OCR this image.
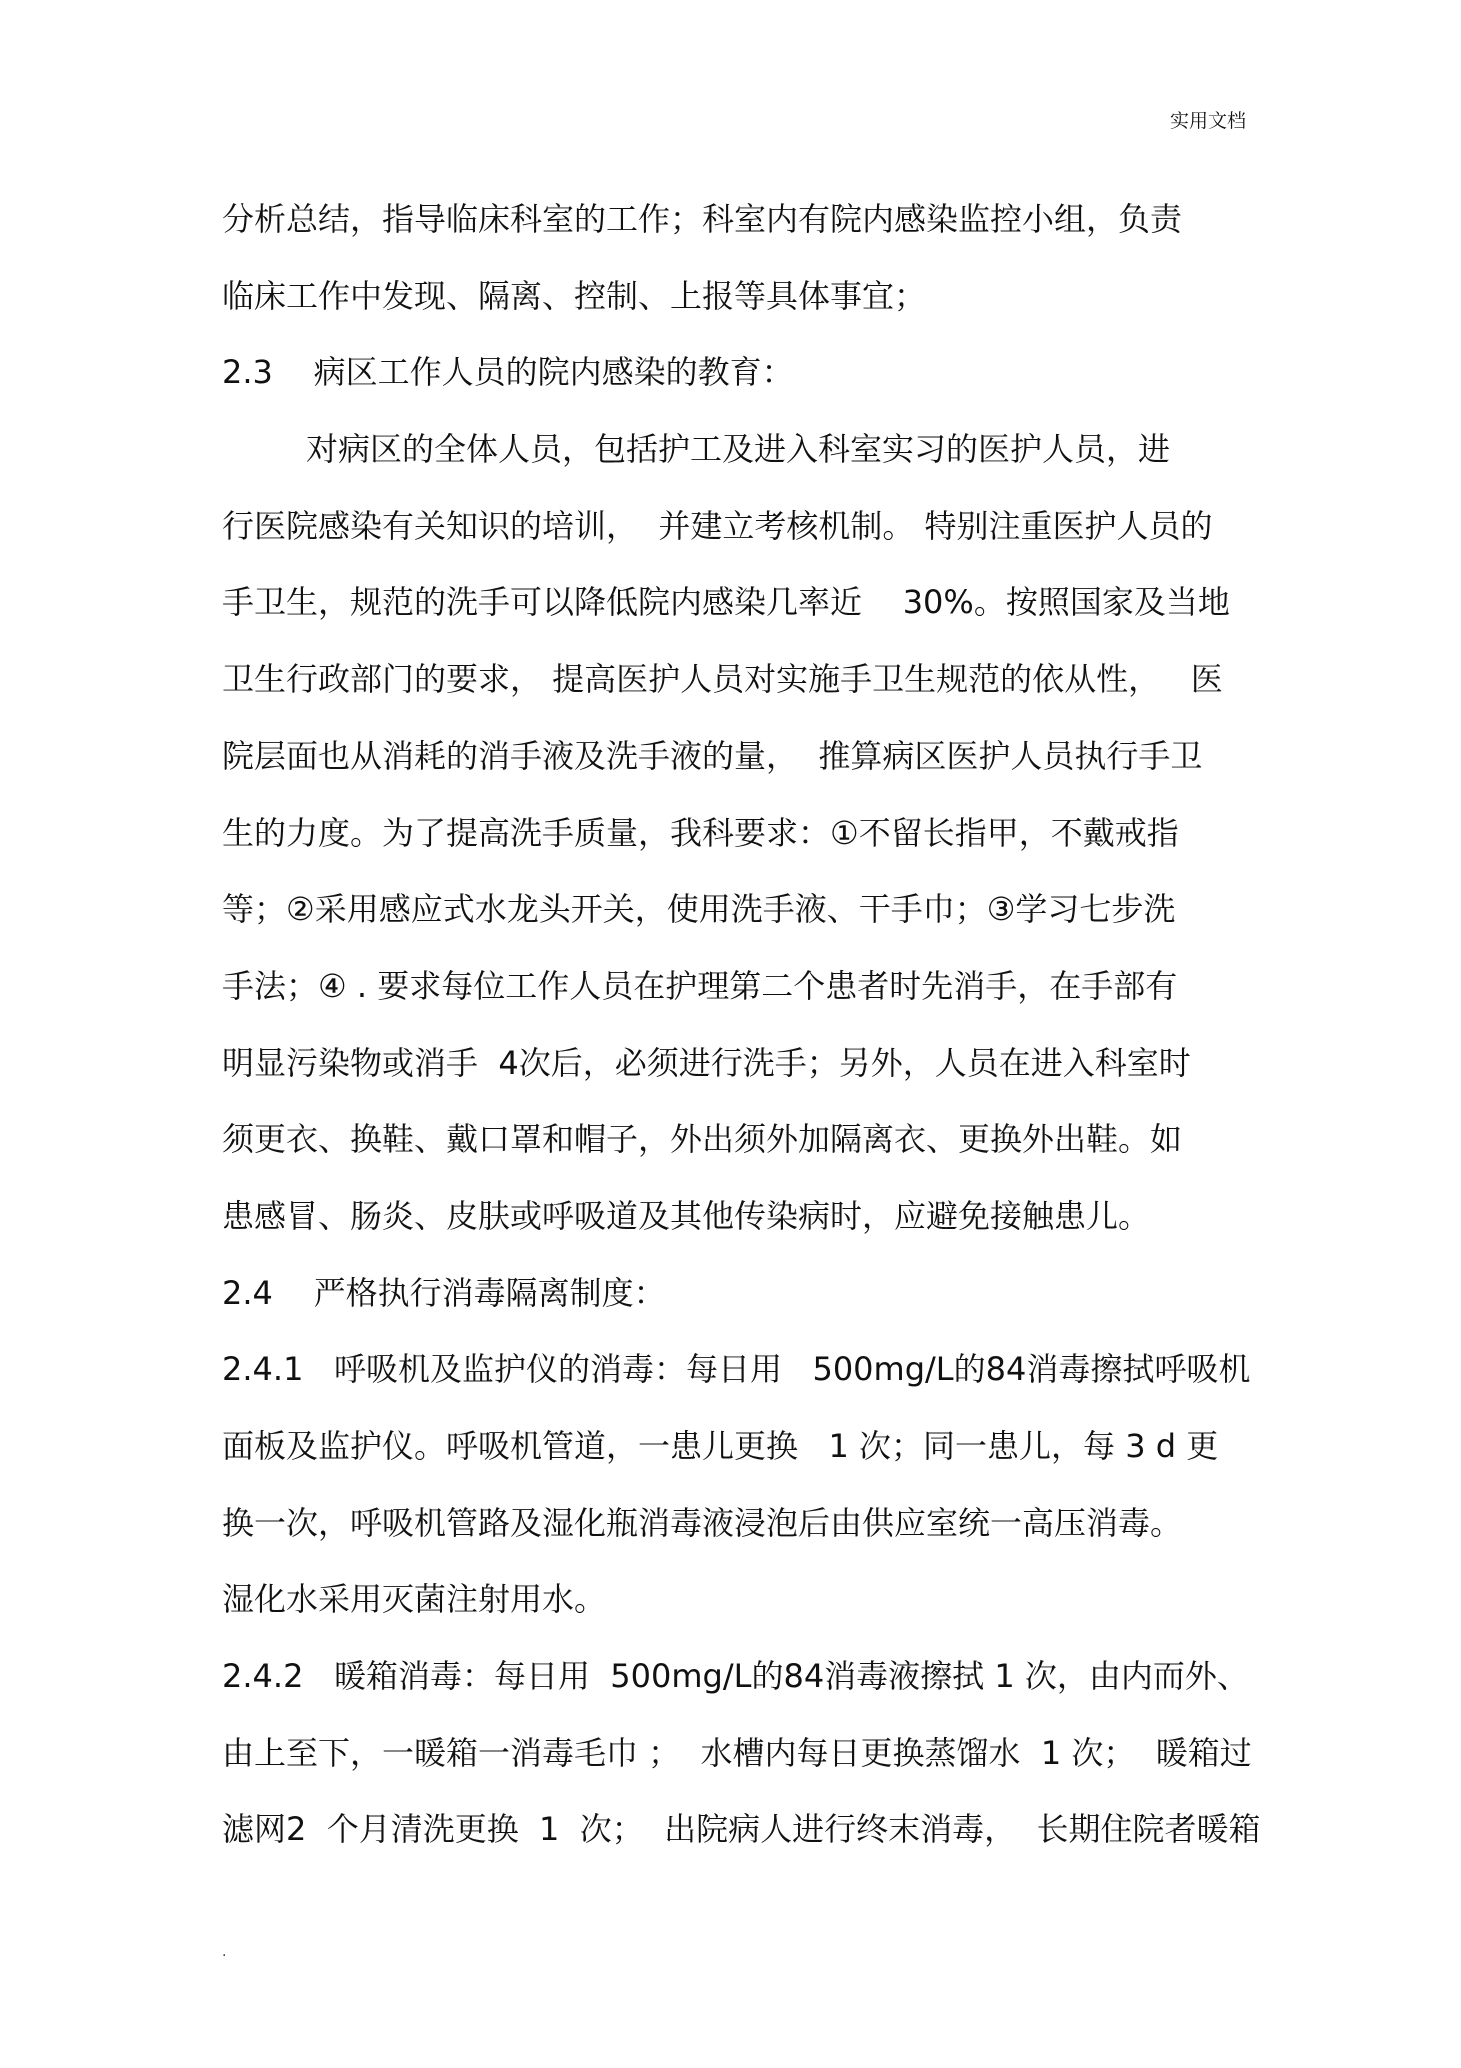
实用文档
分析总结，指导临床科室的工作；科室内有院内感染监控小组，负责
临床工作中发现、隔离、控制、上报等具体事宜；
2.3    病区工作人员的院内感染的教育：
对病区的全体人员，包括护工及进入科室实习的医护人员，进
行医院感染有关知识的培训，  并建立考核机制。 特别注重医护人员的
手卫生，规范的洗手可以降低院内感染几率近    30%。按照国家及当地
卫生行政部门的要求， 提高医护人员对实施手卫生规范的依从性，   医
院层面也从消耗的消手液及洗手液的量，  推算病区医护人员执行手卫
生的力度。为了提高洗手质量，我科要求：①不留长指甲，不戴戒指
等；②采用感应式水龙头开关，使用洗手液、干手巾；③学习七步洗
手法；④ . 要求每位工作人员在护理第二个患者时先消手，在手部有
明显污染物或消手  4次后，必须进行洗手；另外，人员在进入科室时
须更衣、换鞋、戴口罩和帽子，外出须外加隔离衣、更换外出鞋。如
患感冒、肠炎、皮肤或呼吸道及其他传染病时，应避免接触患儿。
2.4    严格执行消毒隔离制度：
2.4.1   呼吸机及监护仪的消毒：每日用   500mg/L的84消毒擦拭呼吸机
面板及监护仪。呼吸机管道，一患儿更换   1 次；同一患儿，每 3 d 更
换一次，呼吸机管路及湿化瓶消毒液浸泡后由供应室统一高压消毒。
湿化水采用灭菌注射用水。
2.4.2   暖箱消毒：每日用  500mg/L的84消毒液擦拭 1 次，由内而外、
由上至下，一暖箱一消毒毛巾 ；  水槽内每日更换蒸馏水  1 次；  暖箱过
滤网2  个月清洗更换  1  次；  出院病人进行终末消毒，  长期住院者暖箱
.
